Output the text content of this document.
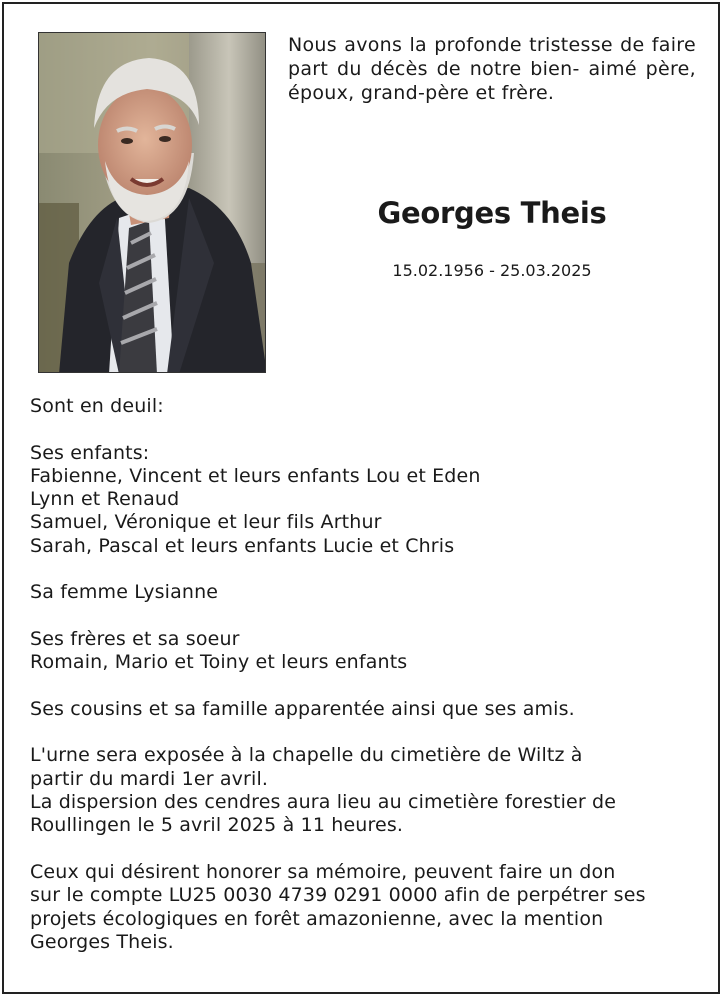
Nous avons la profonde tristesse de faire part du décès de notre bien- aimé père, époux, grand-père et frère.
Georges Theis
15.02.1956 - 25.03.2025

Sont en deuil:

Ses enfants:
Fabienne, Vincent et leurs enfants Lou et Eden
Lynn et Renaud
Samuel, Véronique et leur fils Arthur
Sarah, Pascal et leurs enfants Lucie et Chris

Sa femme Lysianne

Ses frères et sa soeur
Romain, Mario et Toiny et leurs enfants

Ses cousins et sa famille apparentée ainsi que ses amis.

L'urne sera exposée à la chapelle du cimetière de Wiltz à
partir du mardi 1er avril.
La dispersion des cendres aura lieu au cimetière forestier de
Roullingen le 5 avril 2025 à 11 heures.

Ceux qui désirent honorer sa mémoire, peuvent faire un don
sur le compte LU25 0030 4739 0291 0000 afin de perpétrer ses
projets écologiques en forêt amazonienne, avec la mention
Georges Theis.
